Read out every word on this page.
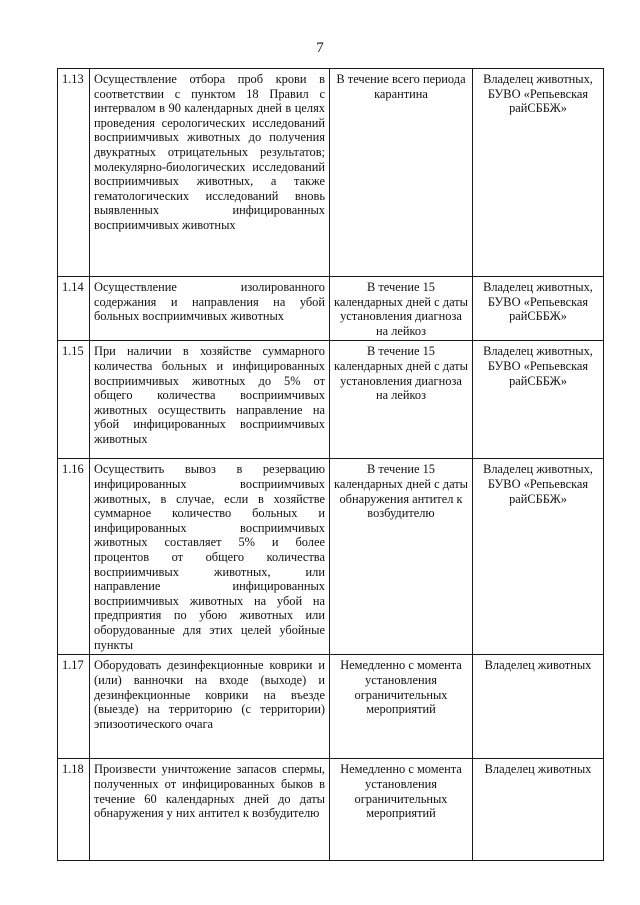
7
1.13	Осуществление отбора проб крови в соответствии с пунктом 18 Правил с интервалом в 90 календарных дней в целях проведения серологических исследований восприимчивых животных до получения двукратных отрицательных результатов; молекулярно-биологических исследований восприимчивых животных, а также гематологических исследований вновь выявленных инфицированных восприимчивых животных	В течение всего периода карантина	Владелец животных, БУВО «Репьевская райСББЖ»
1.14	Осуществление изолированного содержания и направления на убой больных восприимчивых животных	В течение 15 календарных дней с даты установления диагноза на лейкоз	Владелец животных, БУВО «Репьевская райСББЖ»
1.15	При наличии в хозяйстве суммарного количества больных и инфицированных восприимчивых животных до 5% от общего количества восприимчивых животных осуществить направление на убой инфицированных восприимчивых животных	В течение 15 календарных дней с даты установления диагноза на лейкоз	Владелец животных, БУВО «Репьевская райСББЖ»
1.16	Осуществить вывоз в резервацию инфицированных восприимчивых животных, в случае, если в хозяйстве суммарное количество больных и инфицированных восприимчивых животных составляет 5% и более процентов от общего количества восприимчивых животных, или направление инфицированных восприимчивых животных на убой на предприятия по убою животных или оборудованные для этих целей убойные пункты	В течение 15 календарных дней с даты обнаружения антител к возбудителю	Владелец животных, БУВО «Репьевская райСББЖ»
1.17	Оборудовать дезинфекционные коврики и (или) ванночки на входе (выходе) и дезинфекционные коврики на въезде (выезде) на территорию (с территории) эпизоотического очага	Немедленно с момента установления ограничительных мероприятий	Владелец животных
1.18	Произвести уничтожение запасов спермы, полученных от инфицированных быков в течение 60 календарных дней до даты обнаружения у них антител к возбудителю	Немедленно с момента установления ограничительных мероприятий	Владелец животных
